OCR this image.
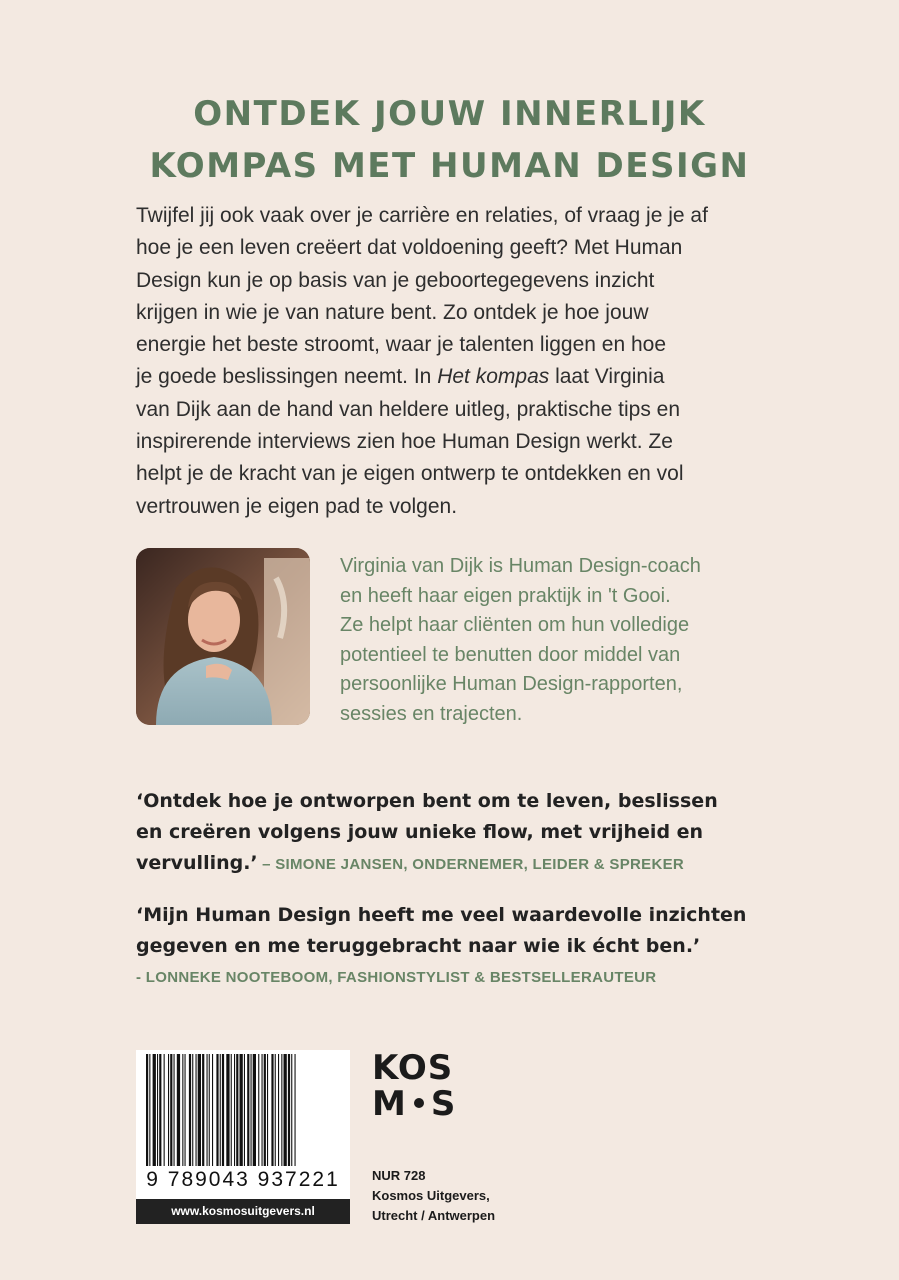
ONTDEK JOUW INNERLIJK
KOMPAS MET HUMAN DESIGN
Twijfel jij ook vaak over je carrière en relaties, of vraag je je af
hoe je een leven creëert dat voldoening geeft? Met Human
Design kun je op basis van je geboortegegevens inzicht
krijgen in wie je van nature bent. Zo ontdek je hoe jouw
energie het beste stroomt, waar je talenten liggen en hoe
je goede beslissingen neemt. In Het kompas laat Virginia
van Dijk aan de hand van heldere uitleg, praktische tips en
inspirerende interviews zien hoe Human Design werkt. Ze
helpt je de kracht van je eigen ontwerp te ontdekken en vol
vertrouwen je eigen pad te volgen.
Virginia van Dijk is Human Design-coach
en heeft haar eigen praktijk in 't Gooi.
Ze helpt haar cliënten om hun volledige
potentieel te benutten door middel van
persoonlijke Human Design-rapporten,
sessies en trajecten.
‘Ontdek hoe je ontworpen bent om te leven, beslissen
en creëren volgens jouw unieke flow, met vrijheid en
vervulling.’ – SIMONE JANSEN, ONDERNEMER, LEIDER & SPREKER
‘Mijn Human Design heeft me veel waardevolle inzichten
gegeven en me teruggebracht naar wie ik écht ben.’
- LONNEKE NOOTEBOOM, FASHIONSTYLIST & BESTSELLERAUTEUR
9 789043 937221
www.kosmosuitgevers.nl
KOS
M S
NUR 728
Kosmos Uitgevers,
Utrecht / Antwerpen
